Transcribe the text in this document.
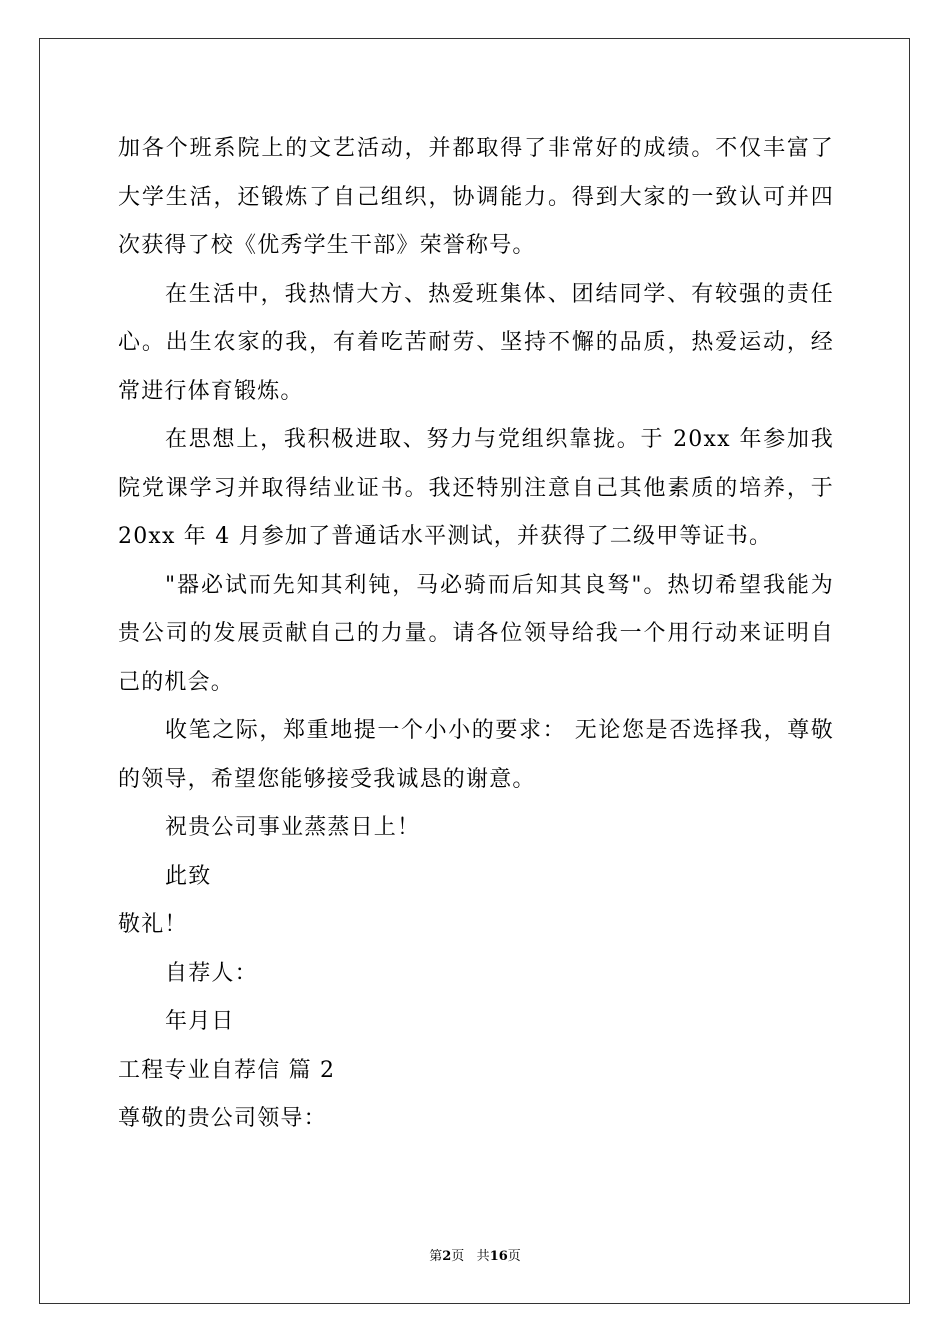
加各个班系院上的文艺活动，并都取得了非常好的成绩。不仅丰富了大学生活，还锻炼了自己组织，协调能力。得到大家的一致认可并四次获得了校《优秀学生干部》荣誉称号。

在生活中，我热情大方、热爱班集体、团结同学、有较强的责任心。出生农家的我，有着吃苦耐劳、坚持不懈的品质，热爱运动，经常进行体育锻炼。

在思想上，我积极进取、努力与党组织靠拢。于 20xx 年参加我院党课学习并取得结业证书。我还特别注意自己其他素质的培养，于20xx 年 4 月参加了普通话水平测试，并获得了二级甲等证书。

"器必试而先知其利钝，马必骑而后知其良驽"。热切希望我能为贵公司的发展贡献自己的力量。请各位领导给我一个用行动来证明自己的机会。

收笔之际，郑重地提一个小小的要求： 无论您是否选择我，尊敬的领导，希望您能够接受我诚恳的谢意。

祝贵公司事业蒸蒸日上！

此致

敬礼！

自荐人：

年月日

工程专业自荐信 篇 2

尊敬的贵公司领导：

第2页 共16页
